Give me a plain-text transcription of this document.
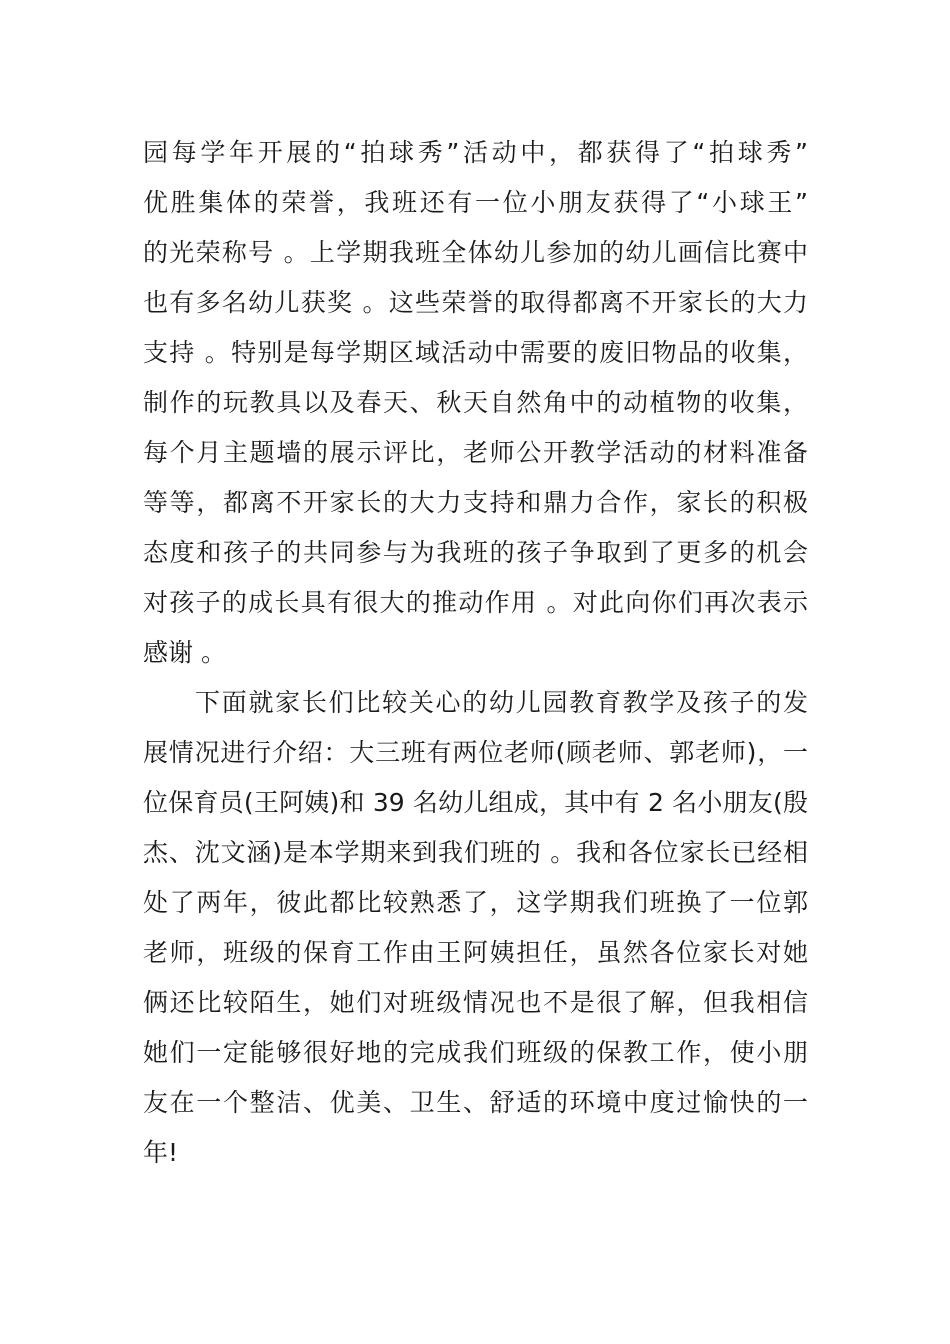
园每学年开展的“拍球秀”活动中，都获得了“拍球秀”
优胜集体的荣誉，我班还有一位小朋友获得了“小球王”
的光荣称号 。上学期我班全体幼儿参加的幼儿画信比赛中
也有多名幼儿获奖 。这些荣誉的取得都离不开家长的大力
支持 。特别是每学期区域活动中需要的废旧物品的收集，
制作的玩教具以及春天、秋天自然角中的动植物的收集，
每个月主题墙的展示评比，老师公开教学活动的材料准备
等等，都离不开家长的大力支持和鼎力合作，家长的积极
态度和孩子的共同参与为我班的孩子争取到了更多的机会
对孩子的成长具有很大的推动作用 。对此向你们再次表示
感谢 。
下面就家长们比较关心的幼儿园教育教学及孩子的发
展情况进行介绍：大三班有两位老师(顾老师、郭老师)，一
位保育员(王阿姨)和 39 名幼儿组成，其中有 2 名小朋友(殷
杰、沈文涵)是本学期来到我们班的 。我和各位家长已经相
处了两年，彼此都比较熟悉了，这学期我们班换了一位郭
老师，班级的保育工作由王阿姨担任，虽然各位家长对她
俩还比较陌生，她们对班级情况也不是很了解，但我相信
她们一定能够很好地的完成我们班级的保教工作，使小朋
友在一个整洁、优美、卫生、舒适的环境中度过愉快的一
年!
